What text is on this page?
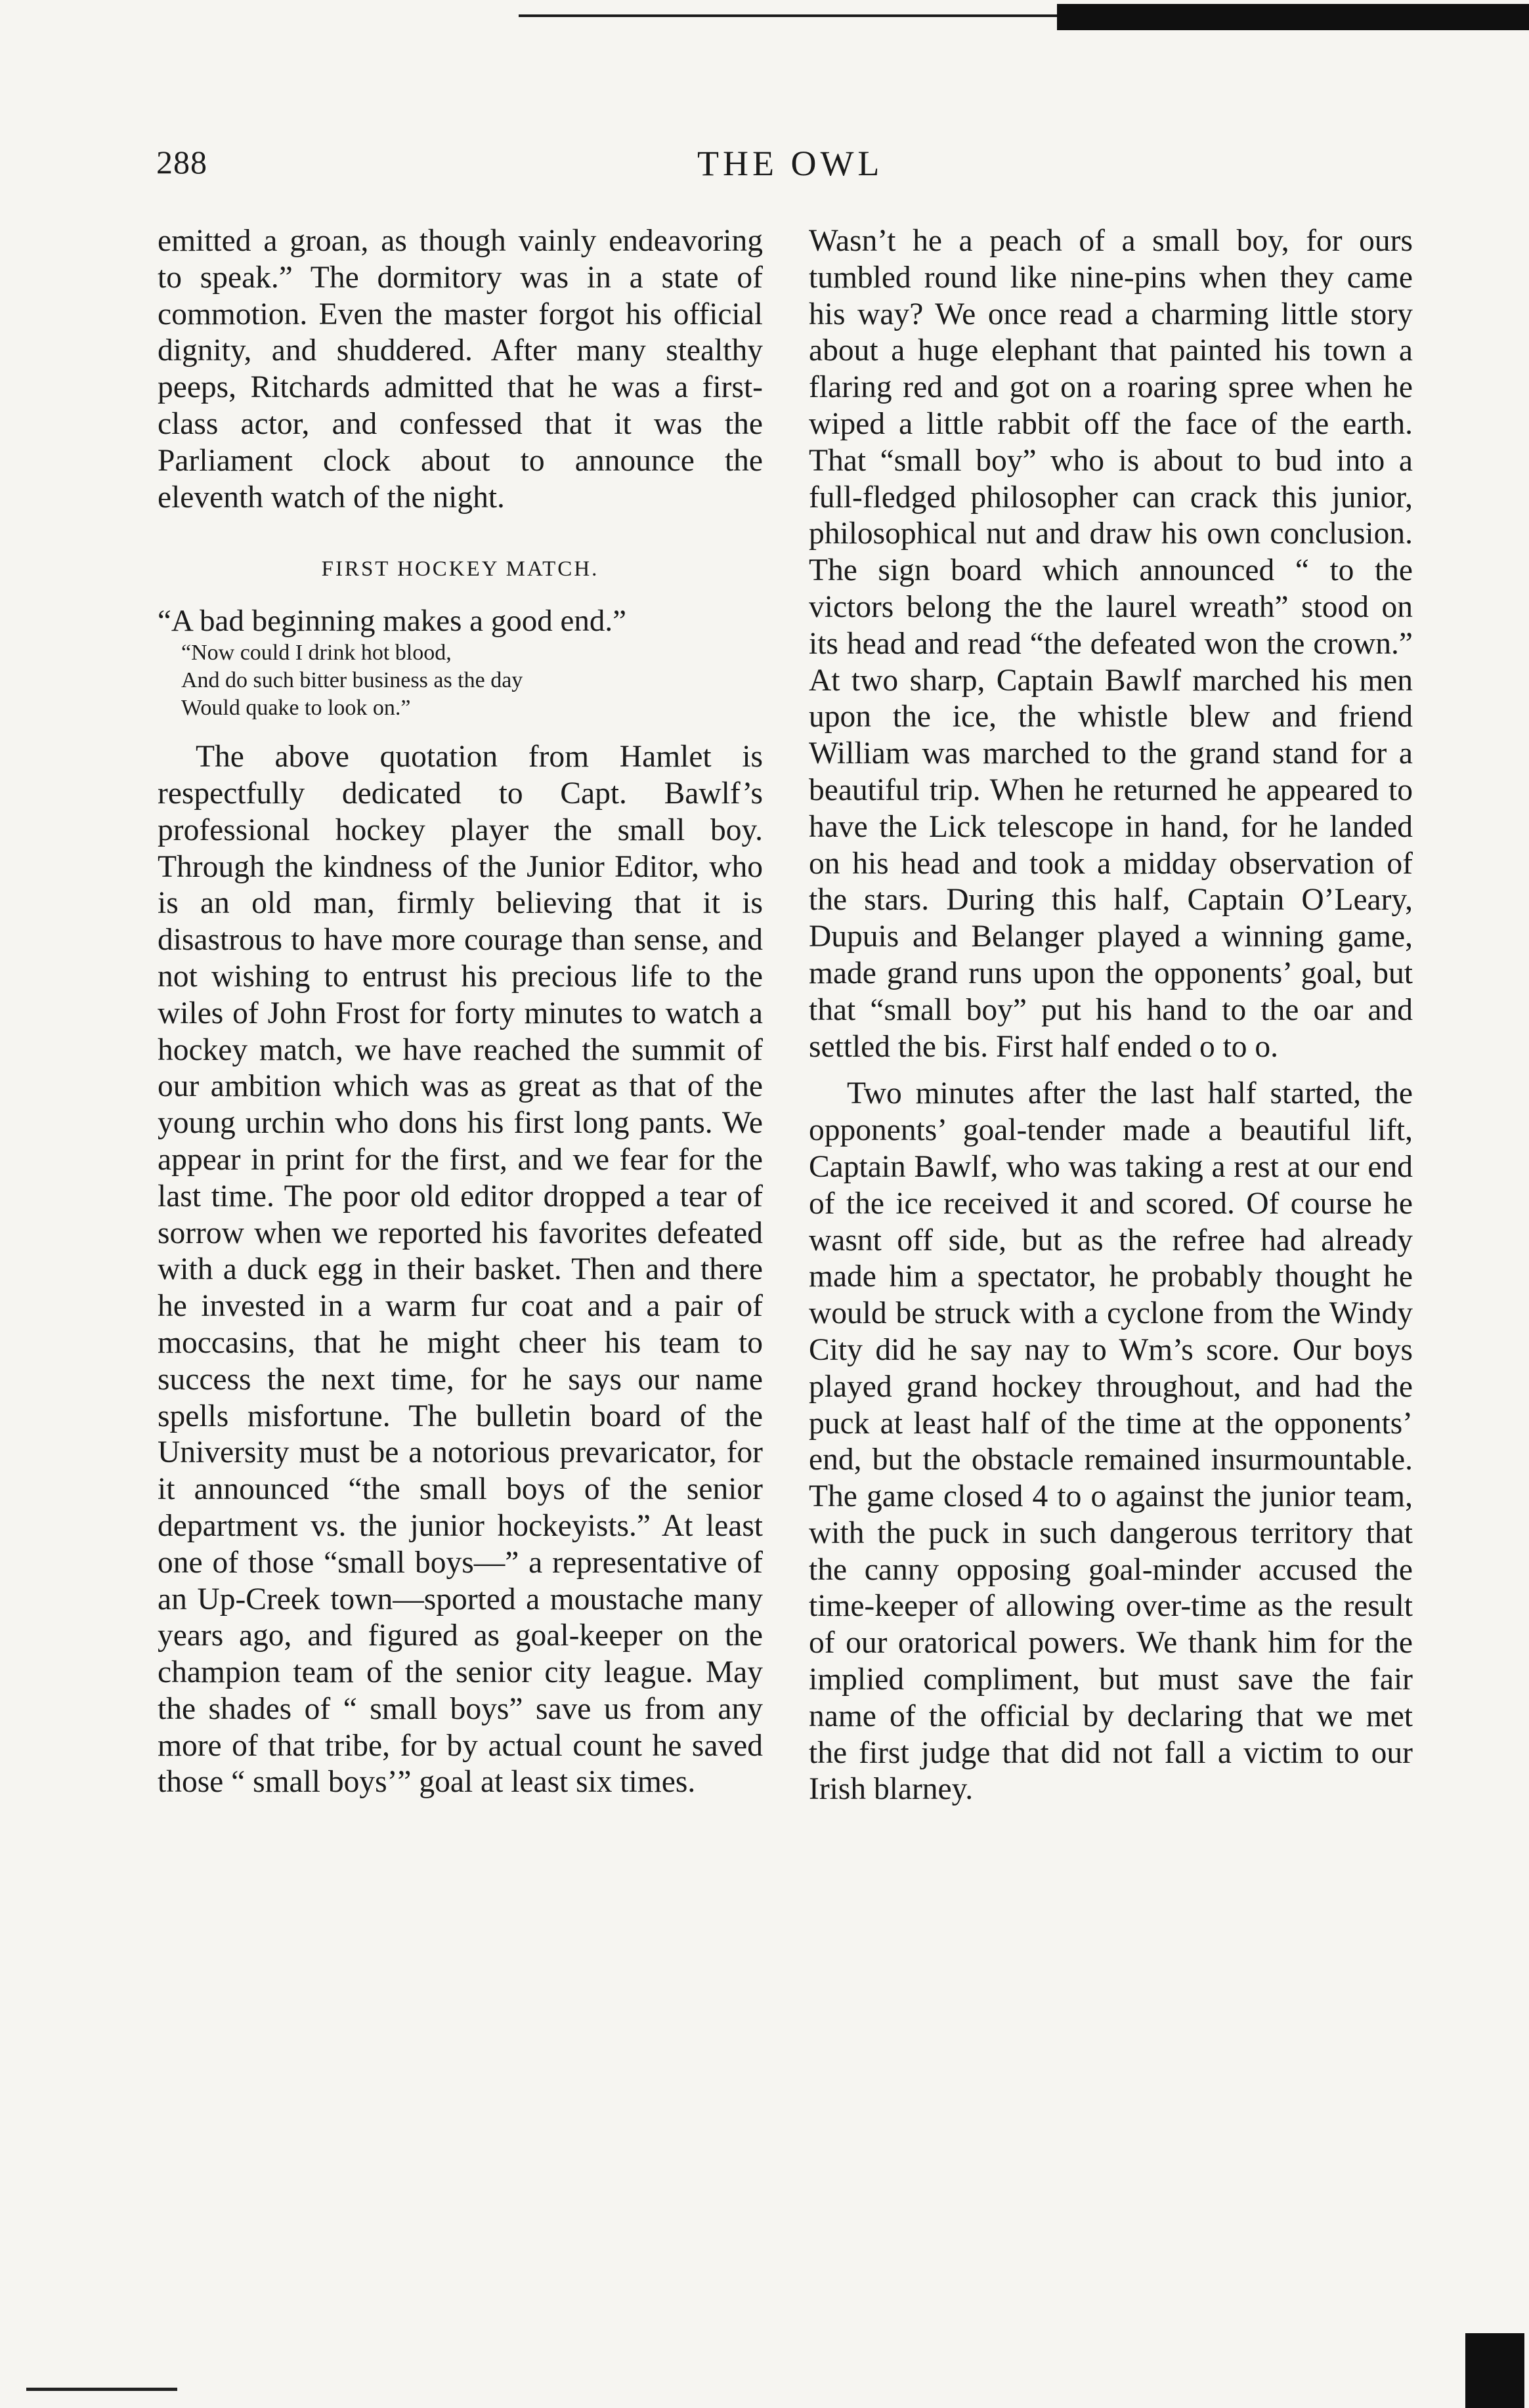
288	THE OWL

emitted a groan, as though vainly endeavoring to speak.” The dormitory was in a state of commotion. Even the master forgot his official dignity, and shuddered. After many stealthy peeps, Ritchards admitted that he was a first-class actor, and confessed that it was the Parliament clock about to announce the eleventh watch of the night.

FIRST HOCKEY MATCH.

“A bad beginning makes a good end.”

“Now could I drink hot blood,
And do such bitter business as the day
Would quake to look on.”

The above quotation from Hamlet is respectfully dedicated to Capt. Bawlf’s professional hockey player the small boy. Through the kindness of the Junior Editor, who is an old man, firmly believing that it is disastrous to have more courage than sense, and not wishing to entrust his precious life to the wiles of John Frost for forty minutes to watch a hockey match, we have reached the summit of our ambition which was as great as that of the young urchin who dons his first long pants. We appear in print for the first, and we fear for the last time. The poor old editor dropped a tear of sorrow when we reported his favorites defeated with a duck egg in their basket. Then and there he invested in a warm fur coat and a pair of moccasins, that he might cheer his team to success the next time, for he says our name spells misfortune. The bulletin board of the University must be a notorious prevaricator, for it announced “the small boys of the senior department vs. the junior hockeyists.” At least one of those “small boys—” a representative of an Up-Creek town—sported a moustache many years ago, and figured as goal-keeper on the champion team of the senior city league. May the shades of “ small boys” save us from any more of that tribe, for by actual count he saved those “ small boys’” goal at least six times.

Wasn’t he a peach of a small boy, for ours tumbled round like nine-pins when they came his way? We once read a charming little story about a huge elephant that painted his town a flaring red and got on a roaring spree when he wiped a little rabbit off the face of the earth. That “small boy” who is about to bud into a full-fledged philosopher can crack this junior, philosophical nut and draw his own conclusion. The sign board which announced “ to the victors belong the the laurel wreath” stood on its head and read “the defeated won the crown.” At two sharp, Captain Bawlf marched his men upon the ice, the whistle blew and friend William was marched to the grand stand for a beautiful trip. When he returned he appeared to have the Lick telescope in hand, for he landed on his head and took a midday observation of the stars. During this half, Captain O’Leary, Dupuis and Belanger played a winning game, made grand runs upon the opponents’ goal, but that “small boy” put his hand to the oar and settled the bis. First half ended o to o.

Two minutes after the last half started, the opponents’ goal-tender made a beautiful lift, Captain Bawlf, who was taking a rest at our end of the ice received it and scored. Of course he wasnt off side, but as the refree had already made him a spectator, he probably thought he would be struck with a cyclone from the Windy City did he say nay to Wm’s score. Our boys played grand hockey throughout, and had the puck at least half of the time at the opponents’ end, but the obstacle remained insurmountable. The game closed 4 to o against the junior team, with the puck in such dangerous territory that the canny opposing goal-minder accused the time-keeper of allowing over-time as the result of our oratorical powers. We thank him for the implied compliment, but must save the fair name of the official by declaring that we met the first judge that did not fall a victim to our Irish blarney.
